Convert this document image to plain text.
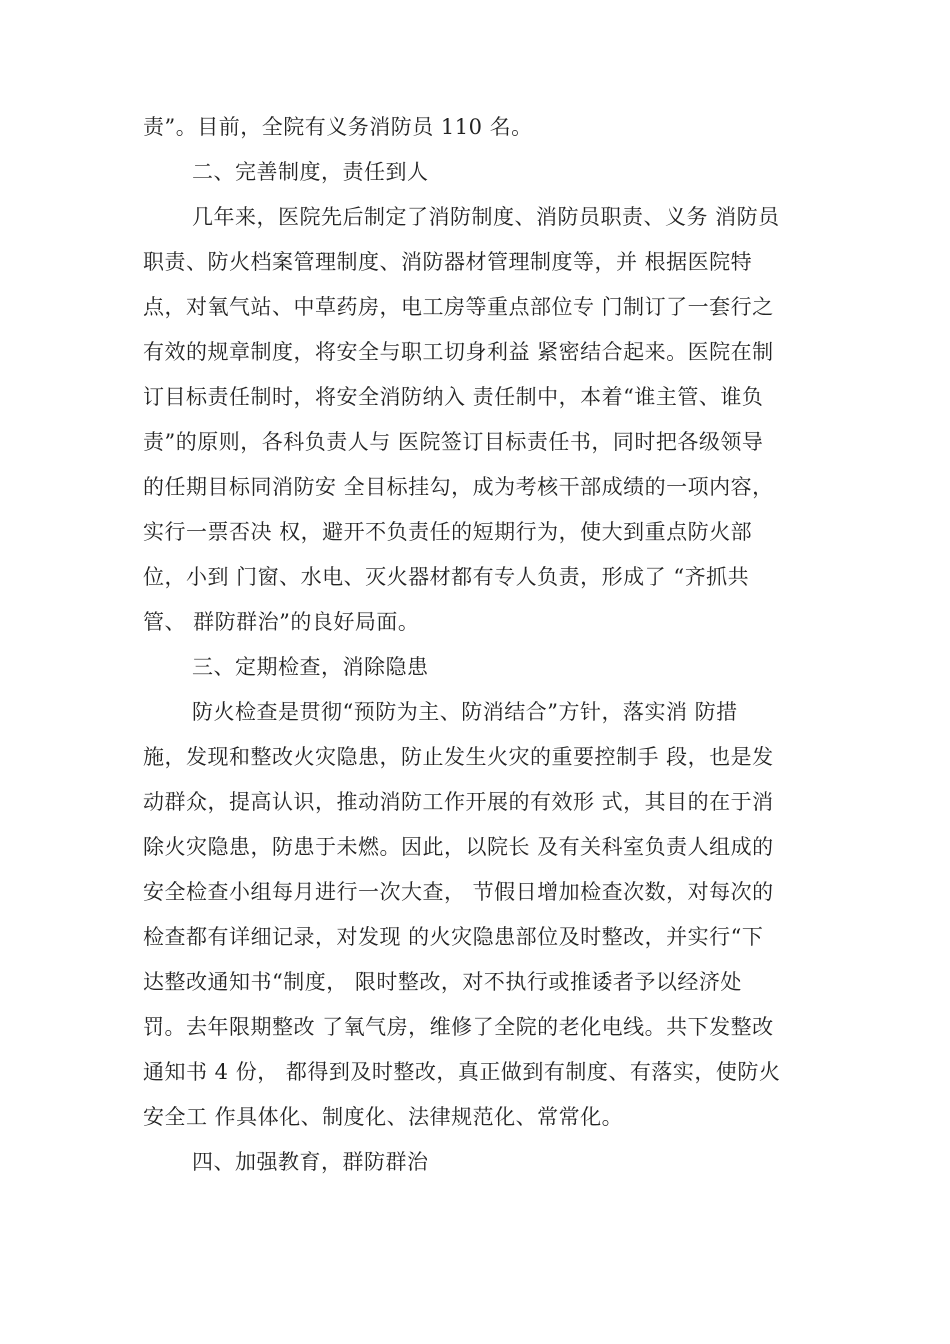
责”。目前，全院有义务消防员 110 名。
二、完善制度，责任到人
几年来，医院先后制定了消防制度、消防员职责、义务 消防员
职责、防火档案管理制度、消防器材管理制度等，并 根据医院特
点，对氧气站、中草药房，电工房等重点部位专 门制订了一套行之
有效的规章制度，将安全与职工切身利益 紧密结合起来。医院在制
订目标责任制时，将安全消防纳入 责任制中，本着“谁主管、谁负
责”的原则，各科负责人与 医院签订目标责任书，同时把各级领导
的任期目标同消防安 全目标挂勾，成为考核干部成绩的一项内容，
实行一票否决 权，避开不负责任的短期行为，使大到重点防火部
位，小到 门窗、水电、灭火器材都有专人负责，形成了 “齐抓共
管、 群防群治”的良好局面。
三、定期检查，消除隐患
防火检查是贯彻“预防为主、防消结合”方针，落实消 防措
施，发现和整改火灾隐患，防止发生火灾的重要控制手 段，也是发
动群众，提高认识，推动消防工作开展的有效形 式，其目的在于消
除火灾隐患，防患于未燃。因此，以院长 及有关科室负责人组成的
安全检查小组每月进行一次大查， 节假日增加检查次数，对每次的
检查都有详细记录，对发现 的火灾隐患部位及时整改，并实行“下
达整改通知书“制度， 限时整改，对不执行或推诿者予以经济处
罚。去年限期整改 了氧气房，维修了全院的老化电线。共下发整改
通知书 4 份， 都得到及时整改，真正做到有制度、有落实，使防火
安全工 作具体化、制度化、法律规范化、常常化。
四、加强教育，群防群治
